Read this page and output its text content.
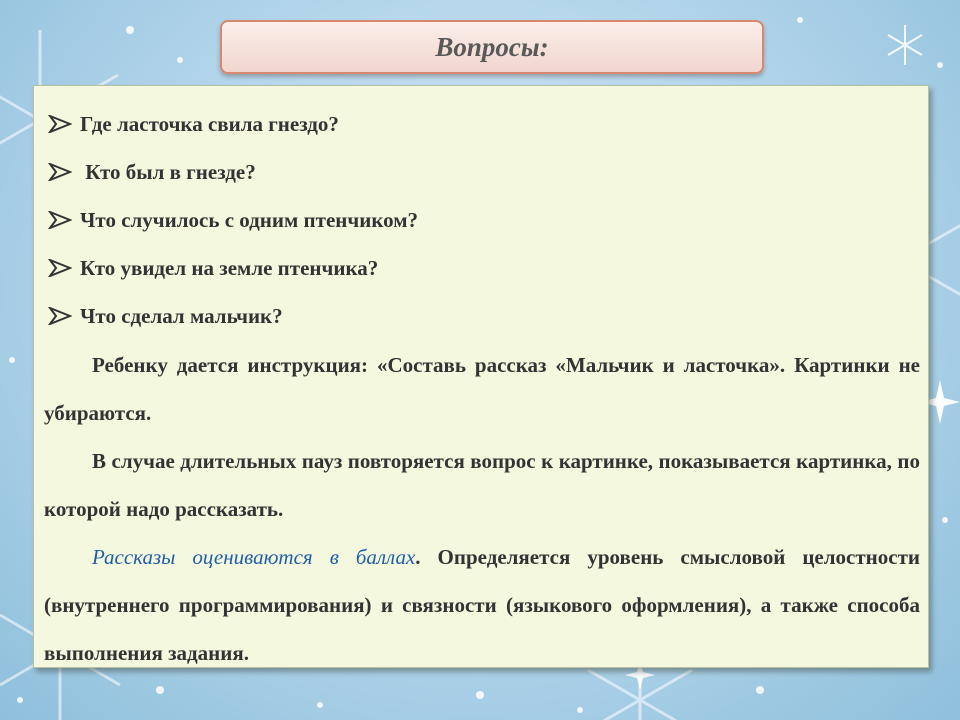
Вопросы:
Где ласточка свила гнездо?
Кто был в гнезде?
Что случилось с одним птенчиком?
Кто увидел на земле птенчика?
Что сделал мальчик?
Ребенку дается инструкция: «Составь рассказ «Мальчик и ласточка». Картинки не убираются.
В случае длительных пауз повторяется вопрос к картинке, показывается картинка, по которой надо рассказать.
Рассказы оцениваются в баллах. Определяется уровень смысловой целостности (внутреннего программирования) и связности (языкового оформления), а также способа выполнения задания.
